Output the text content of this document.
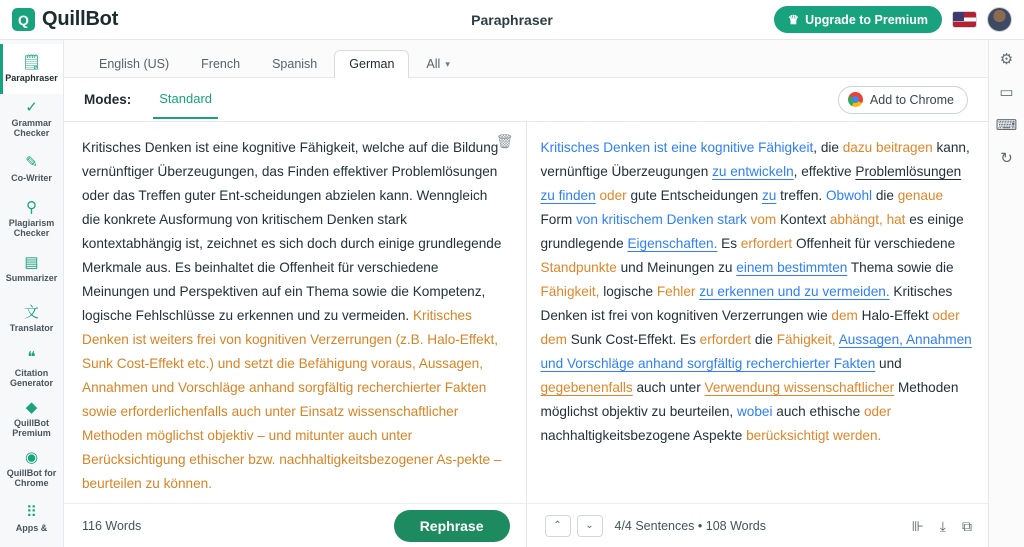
Q QuillBot	Paraphraser	♛ Upgrade to Premium
🗒
Paraphraser
✓
Grammar Checker
✎
Co-Writer
⚲
Plagiarism Checker
▤
Summarizer
文
Translator
❝
Citation Generator
◆
QuillBot Premium
◉
QuillBot for Chrome
⠿
Apps &
English (US)	French	Spanish	German	All ▾
Modes:	Standard	Add to Chrome
🗑
Kritisches Denken ist eine kognitive Fähigkeit, welche auf die Bildung vernünftiger Überzeugungen, das Finden effektiver Problemlösungen oder das Treffen guter Ent-scheidungen abzielen kann. Wenngleich die konkrete Ausformung von kritischem Denken stark kontextabhängig ist, zeichnet es sich doch durch einige grundlegende Merkmale aus. Es beinhaltet die Offenheit für verschiedene Meinungen und Perspektiven auf ein Thema sowie die Kompetenz, logische Fehlschlüsse zu erkennen und zu vermeiden. Kritisches Denken ist weiters frei von kognitiven Verzerrungen (z.B. Halo-Effekt, Sunk Cost-Effekt etc.) und setzt die Befähigung voraus, Aussagen, Annahmen und Vorschläge anhand sorgfältig recherchierter Fakten sowie erforderlichenfalls auch unter Einsatz wissenschaftlicher Methoden möglichst objektiv – und mitunter auch unter Berücksichtigung ethischer bzw. nachhaltigkeitsbezogener As-pekte – beurteilen zu können.
116 Words	Rephrase
Kritisches Denken ist eine kognitive Fähigkeit, die dazu beitragen kann, vernünftige Überzeugungen zu entwickeln, effektive Problemlösungen zu finden oder gute Entscheidungen zu treffen. Obwohl die genaue Form von kritischem Denken stark vom Kontext abhängt, hat es einige grundlegende Eigenschaften. Es erfordert Offenheit für verschiedene Standpunkte und Meinungen zu einem bestimmten Thema sowie die Fähigkeit, logische Fehler zu erkennen und zu vermeiden. Kritisches Denken ist frei von kognitiven Verzerrungen wie dem Halo-Effekt oder dem Sunk Cost-Effekt. Es erfordert die Fähigkeit, Aussagen, Annahmen und Vorschläge anhand sorgfältig recherchierter Fakten und gegebenenfalls auch unter Verwendung wissenschaftlicher Methoden möglichst objektiv zu beurteilen, wobei auch ethische oder nachhaltigkeitsbezogene Aspekte berücksichtigt werden.
⌃	⌄	4/4 Sentences • 108 Words	⊪ ⤓ ⧉
⚙
▭
⌨
↻
